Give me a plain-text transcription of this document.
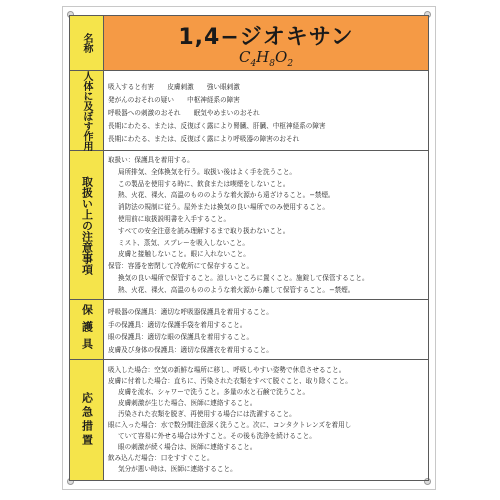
名称	1,4−ジオキサン
$C_4H_8O_2$
人体に及ぼす作用	吸入すると有害　　皮膚刺激　　強い眼刺激
発がんのおそれの疑い　　中枢神経系の障害
呼吸器への刺激のおそれ　　眠気やめまいのおそれ
長期にわたる、または、反復ばく露により腎臓、肝臓、中枢神経系の障害
長期にわたる、または、反復ばく露により呼吸器の障害のおそれ
取扱い上の注意事項
取扱い：保護具を着用する。
局所排気、全体換気を行う。取扱い後はよく手を洗うこと。
この製品を使用する時に、飲食または喫煙をしないこと。
熱、火花、裸火、高温のもののような着火源から遠ざけること。−禁煙。
消防法の規制に従う。屋外または換気の良い場所でのみ使用すること。
使用前に取扱説明書を入手すること。
すべての安全注意を読み理解するまで取り扱わないこと。
ミスト、蒸気、スプレーを吸入しないこと。
皮膚と接触しないこと。眼に入れないこと。
保管：容器を密閉して冷乾所にて保存すること。
換気の良い場所で保管すること。涼しいところに置くこと。施錠して保管すること。
熱、火花、裸火、高温のもののような着火源から離して保管すること。−禁煙。
保護具 呼吸器の保護具：適切な呼吸器保護具を着用すること。
手の保護具：適切な保護手袋を着用すること。
眼の保護具：適切な眼の保護具を着用すること。
皮膚及び身体の保護具：適切な保護衣を着用すること。
応急措置
吸入した場合：空気の新鮮な場所に移し、呼吸しやすい姿勢で休息させること。
皮膚に付着した場合：直ちに、汚染された衣類をすべて脱ぐこと、取り除くこと。
皮膚を流水、シャワーで洗うこと。多量の水と石鹸で洗うこと。
皮膚刺激が生じた場合、医師に連絡すること。
汚染された衣類を脱ぎ、再使用する場合には洗濯すること。
眼に入った場合：水で数分間注意深く洗うこと。次に、コンタクトレンズを着用し
ていて容易に外せる場合は外すこと。その後も洗浄を続けること。
眼の刺激が続く場合は、医師に連絡すること。
飲み込んだ場合：口をすすぐこと。
気分が悪い時は、医師に連絡すること。
